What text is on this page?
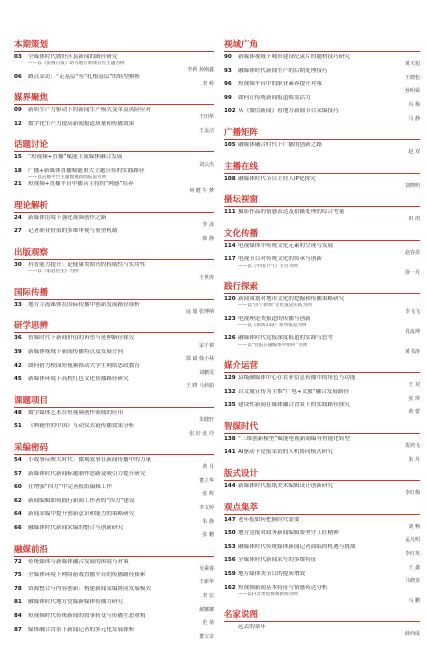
本期策划
03	全媒体时代做好区县新闻的路径研究
——以《张掖日报》助力地方新闻宣传主题为例
李莉 孙刚鑫
06	蹲点采访：“走基层”至“扎根基层”的转型解析
李 岭
媒界聚焦
09	新质生产力驱动下的新闻生产模式变革及风险应对
王田华
12	数字化生产力提高新闻报道质量和传播效果
王金洁
话题讨论
15	“短视频+直播”赋能主流媒体融合发展
刘云杰
18	广播+新媒体直播赋能重大主题宣传的实践路径
——以直播平台主题数观新闻报道为例
21	短视频+直播平台中播音主持的“网感”培养
何 健 牛 梦
理论解析
24	新媒体语境下强化视频创作之路
李 冰
27	记者职业价值的多维审视与重塑机制
韩 静
出版观察
30	科普能力提升：论健康类期刊的权威性与实用性
——以《家庭医生》为例
王世涛
国际传播
33	地方主流媒体在国际传播中创新发展路径探析
寇 瑞 张博纳
研学思辨
36	智媒时代下新闻价值的再塑与延伸路径探究
宋千祺
39	新媒体视域下新闻传播特点及发展方向
郭 斌 韩小林
42	如何借力校园短视频推动大学生网络思政教育
刘鹏雯
45	新媒体环境下高校红色文化传播路径研究
王 晓 马莉娟
课题项目
48	数字媒体艺术在短视频创作领域的应用
朱健轩
51	《典籍里的中国》互动仪式链传播效果分析
张 好 张 玲
采编密码
54	小故事反映大时代：微观叙事在新闻传播中的力量
黄 月
57	新媒体时代新闻标题制作思路及吸引力提升研究
董立华
60	在增强“四力”中完善报纸编辑工作
张 辉
62	新闻编辑如何践行新闻工作者的“四力”建设
李文婷
64	新闻采编中提升创新意识和能力的策略研究
朱 静
66	融媒体时代新闻采编的整合与创新研究
张 鹏
融媒前沿
72	传统媒体与新媒体融合发展的困境与对策
吴乘睿
75	全媒体环境下网络游戏直播平台的传播路径探索
王新华
78	资源整合与内容创新：构建新闻采编协同发展模式
李 宏
81	融媒体时代地方党媒新媒体传播力研究
郝娜娜
84	短视频时代传统新闻的叙事转变与传播生态重构
范 倩
87	媒体融合背景下新闻记者的多元化发展探析
董宝奇
视域广角
90	新媒体视域下城市建设纪录片的题材技巧研究
黄天旭
93	融媒体时代新闻生产的后期处理技巧
王晓松
96	短视频平台中的职业素养提升对策
孙明舜
99	如何让传统新闻报道焕发活力
冯 梅
102 从《微信新闻》看地方新闻节目采编技巧
马 静
广播矩阵
105 融媒体融合时代下广播的创新之路
赵 双
主播在线
108 融媒体时代节目主持人IP化探究
刘晓明
摄坛视窗
111 摄影作品的情感表达及拍摄处理的综合考量
田 雨
文化传播
114 电视媒体中传统文化元素的呈现与发展
赵春苗
117 电视节目对传统文化的传承与创新
——以《中国节气》节目为例
徐一丹
践行探索
120 新闻策划对地市文化的挖掘和传播策略研究
——以“济宁新闻”文化报道实践为例
李飞飞
123 电视理论类报道的传播与创新
——以《新闻110》系列报道为例
肖流坤
126 融媒体时代党报深度报道的实践与思考
——以“党报在融媒体中如何”为例
黄书涛
媒介运营
129 县级融媒体中心在农业信息传播中的角色与功能
王 双
132 以文旅宣传为主推“广电+文旅”融合发展路径
张 琪
135 建设性新闻在媒体融合背景下的实践路径探究
黄 蕾
智媒时代
138 “三维创新模型”赋能电视新闻编导智能化转型
贺鸿飞
141 AI驱动下党报采访的人机协同模式研究
朱 丹
版式设计
144 新媒体时代报纸美术编辑设计创新研究
李红梅
观点集萃
147 老年报如何把握时代需要
刘 畅
150 地方党报对政务新闻编辑要坚守工匠精神
孟凡明
153 融媒体时代传统媒体新闻记者面临的机遇与挑战
李红英
156 全媒体时代新闻采写的多维特征
王 鑫
159 地方媒体类节目的提质增效
马晓龙
162 短视频新闻基本特征与情感传达分析
——以抖音类短视频新闻为例
马 鹏
名家说图
远去的童年
薛西成
